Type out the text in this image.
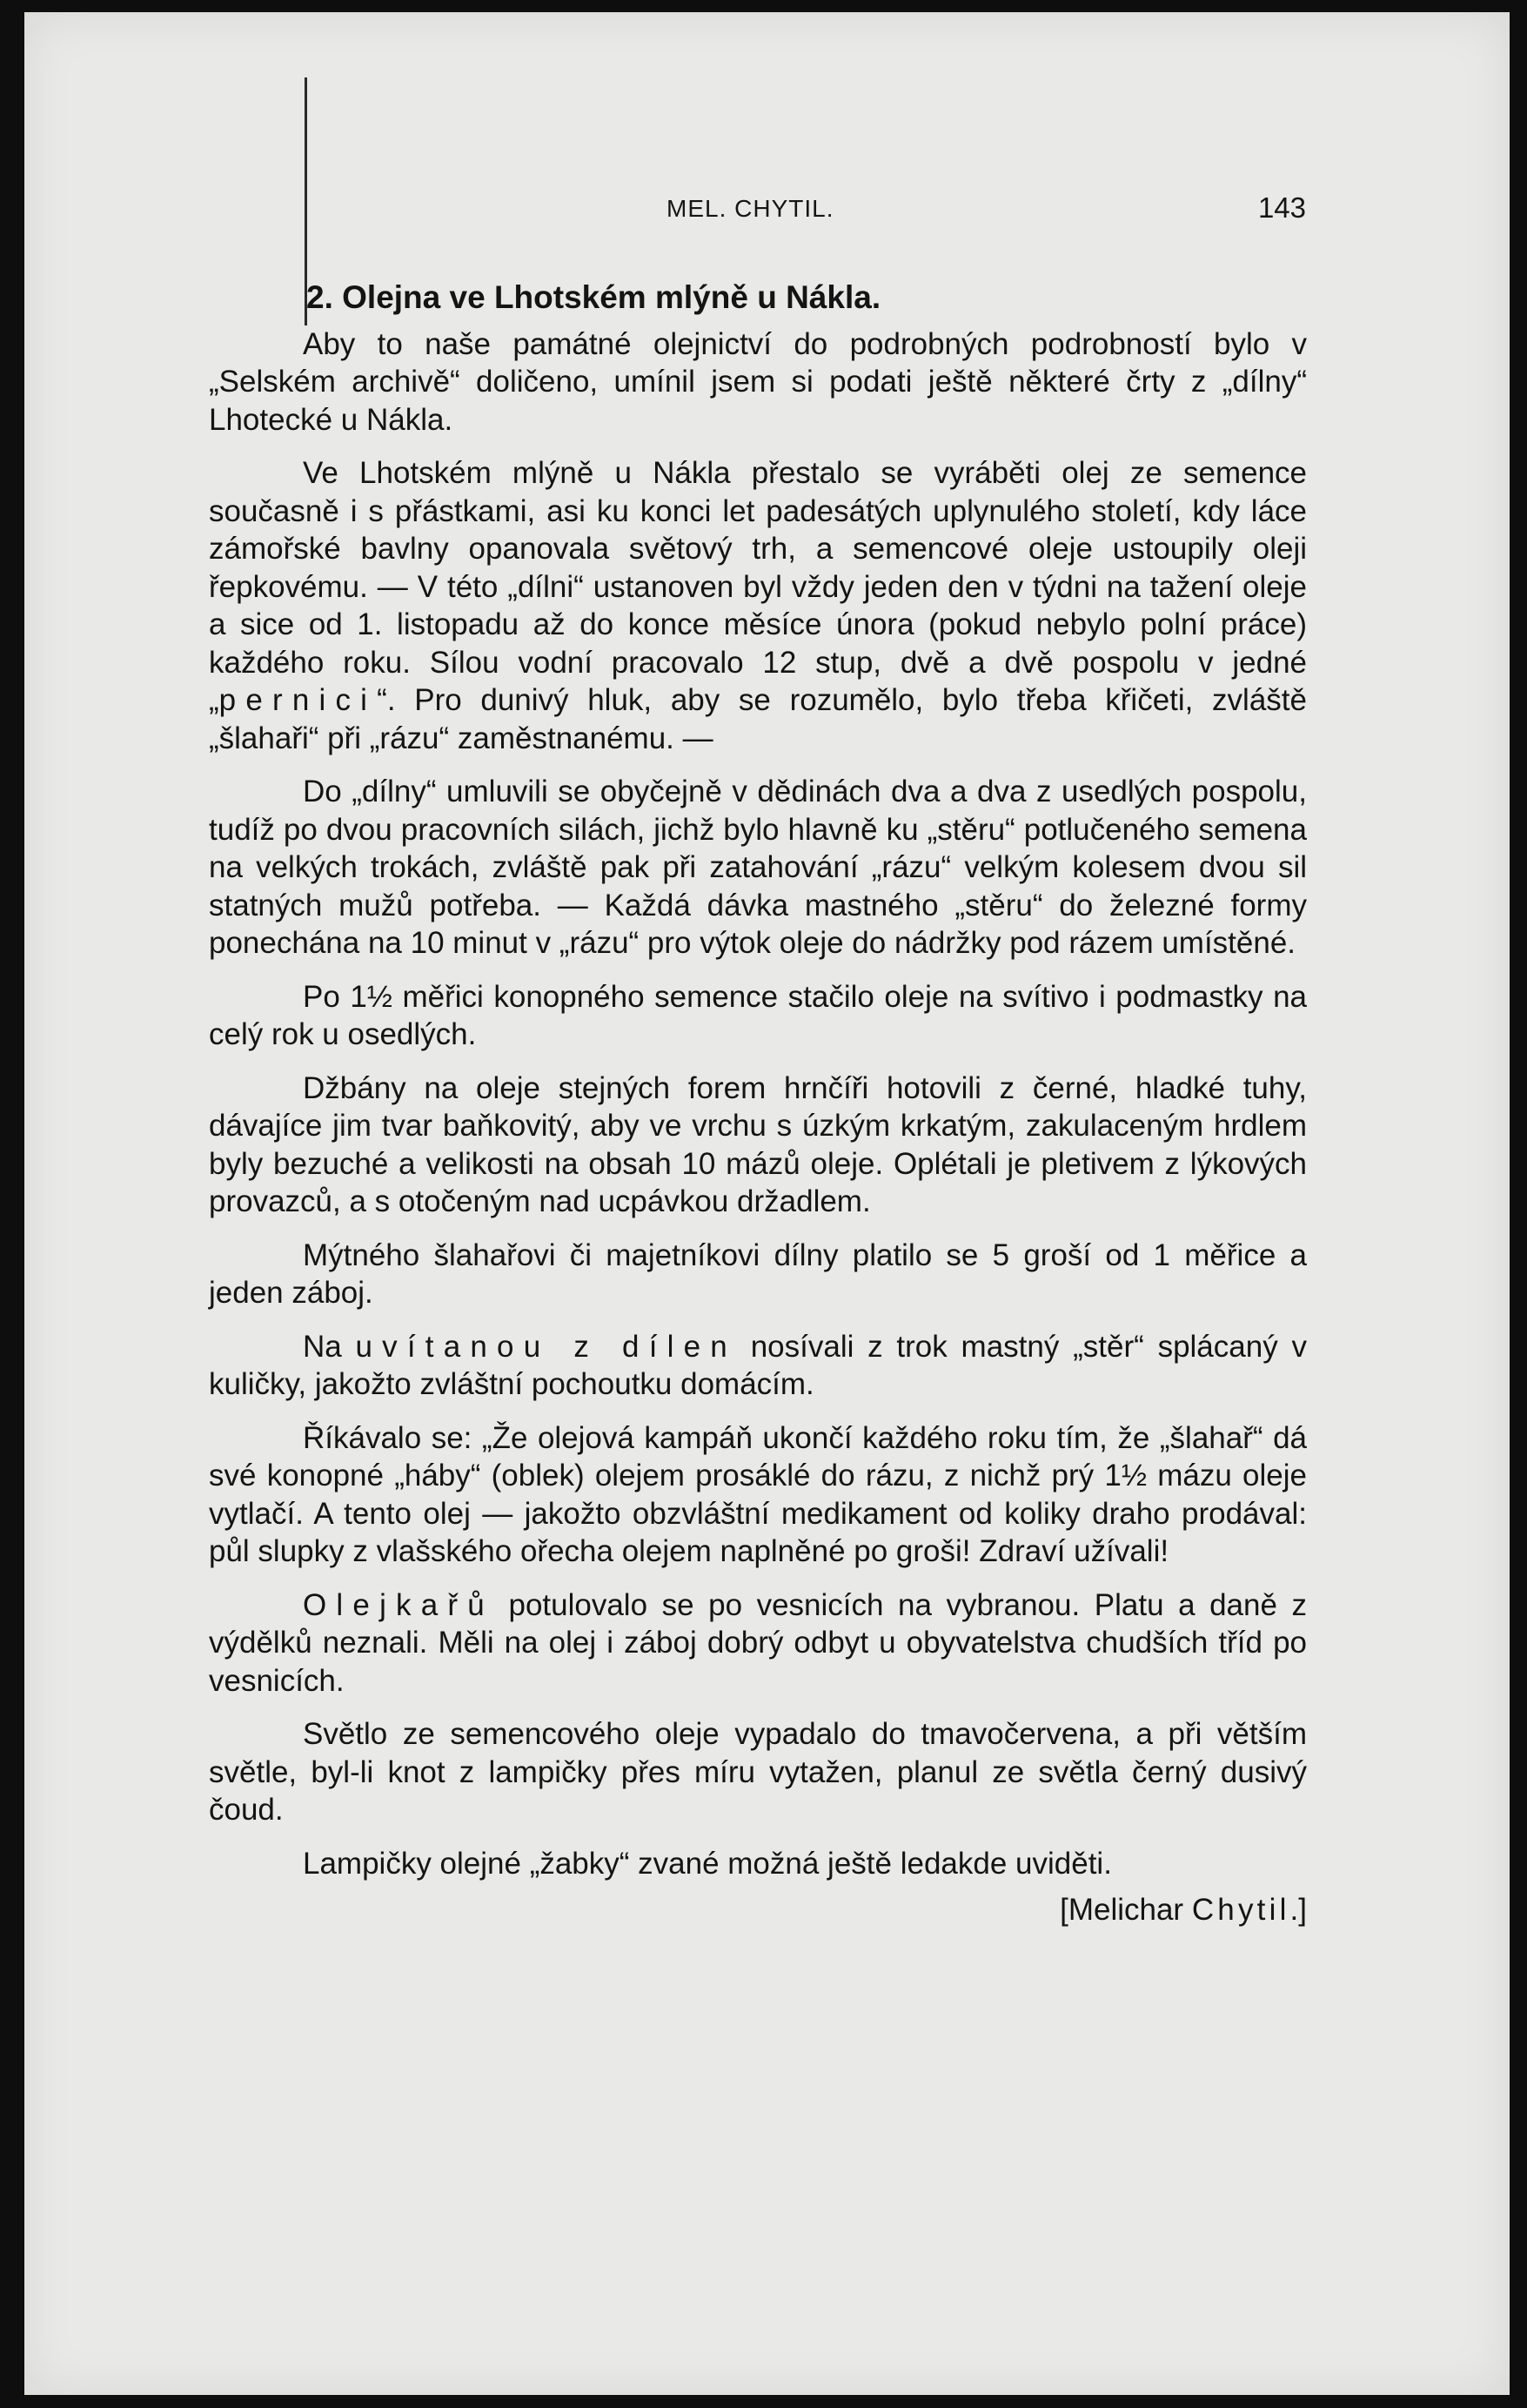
MEL. CHYTIL.	143

2. Olejna ve Lhotském mlýně u Nákla.

Aby to naše památné olejnictví do podrobných podrobností bylo v „Selském archivě“ doličeno, umínil jsem si podati ještě některé črty z „dílny“ Lhotecké u Nákla.

Ve Lhotském mlýně u Nákla přestalo se vyráběti olej ze semence současně i s přástkami, asi ku konci let padesátých uplynulého století, kdy láce zámořské bavlny opanovala světový trh, a semencové oleje ustoupily oleji řepkovému. — V této „dílni“ ustanoven byl vždy jeden den v týdni na tažení oleje a sice od 1. listopadu až do konce měsíce února (pokud nebylo polní práce) každého roku. Sílou vodní pracovalo 12 stup, dvě a dvě pospolu v jedné „pernici“. Pro dunivý hluk, aby se rozumělo, bylo třeba křičeti, zvláště „šlahaři“ při „rázu“ zaměstnanému. —

Do „dílny“ umluvili se obyčejně v dědinách dva a dva z usedlých pospolu, tudíž po dvou pracovních silách, jichž bylo hlavně ku „stěru“ potlučeného semena na velkých trokách, zvláště pak při zatahování „rázu“ velkým kolesem dvou sil statných mužů potřeba. — Každá dávka mastného „stěru“ do železné formy ponechána na 10 minut v „rázu“ pro výtok oleje do nádržky pod rázem umístěné.

Po 1½ měřici konopného semence stačilo oleje na svítivo i podmastky na celý rok u osedlých.

Džbány na oleje stejných forem hrnčíři hotovili z černé, hladké tuhy, dávajíce jim tvar baňkovitý, aby ve vrchu s úzkým krkatým, zakulaceným hrdlem byly bezuché a velikosti na obsah 10 mázů oleje. Oplétali je pletivem z lýkových provazců, a s otočeným nad ucpávkou držadlem.

Mýtného šlahařovi či majetníkovi dílny platilo se 5 groší od 1 měřice a jeden záboj.

Na uvítanou z dílen nosívali z trok mastný „stěr“ splácaný v kuličky, jakožto zvláštní pochoutku domácím.

Říkávalo se: „Že olejová kampáň ukončí každého roku tím, že „šlahař“ dá své konopné „háby“ (oblek) olejem prosáklé do rázu, z nichž prý 1½ mázu oleje vytlačí. A tento olej — jakožto obzvláštní medikament od koliky draho prodával: půl slupky z vlašského ořecha olejem naplněné po groši! Zdraví užívali!

Olejkařů potulovalo se po vesnicích na vybranou. Platu a daně z výdělků neznali. Měli na olej i záboj dobrý odbyt u obyvatelstva chudších tříd po vesnicích.

Světlo ze semencového oleje vypadalo do tmavočervena, a při větším světle, byl-li knot z lampičky přes míru vytažen, planul ze světla černý dusivý čoud.

Lampičky olejné „žabky“ zvané možná ještě ledakde uviděti.

[Melichar Chytil.]
